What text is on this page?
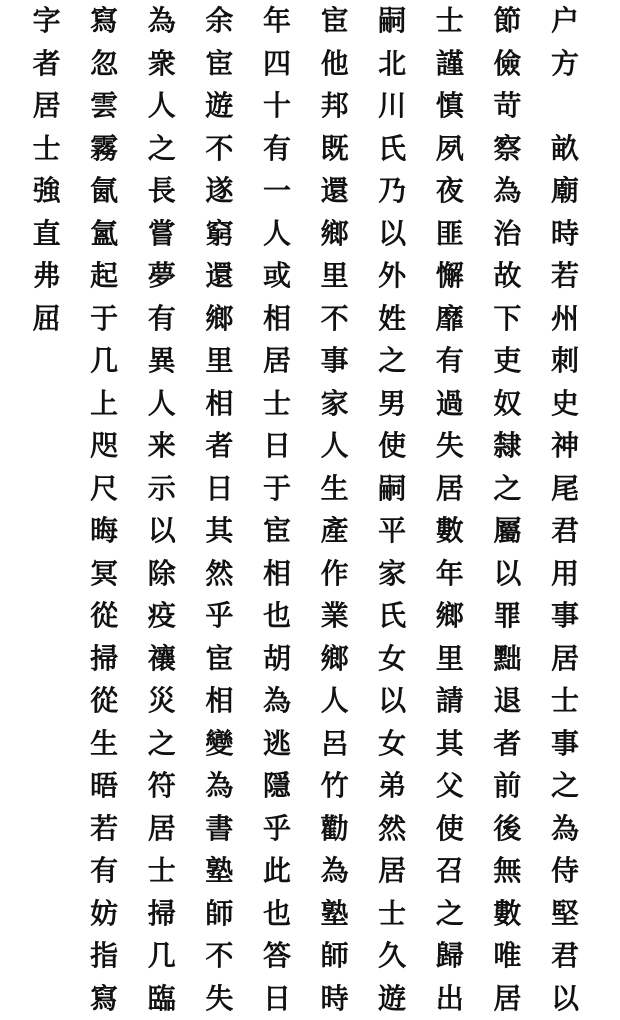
户
方
畝
廟
時
若
州
刺
史
神
尾
君
用
事
居
士
事
之
為
侍
堅
君
以
節
儉
苛
察
為
治
故
下
吏
奴
隸
之
屬
以
罪
黜
退
者
前
後
無
數
唯
居
士
謹
慎
夙
夜
匪
懈
靡
有
過
失
居
數
年
鄉
里
請
其
父
使
召
之
歸
出
嗣
北
川
氏
乃
以
外
姓
之
男
使
嗣
平
家
氏
女
以
女
弟
然
居
士
久
遊
宦
他
邦
既
還
鄉
里
不
事
家
人
生
產
作
業
鄉
人
呂
竹
勸
為
塾
師
時
年
四
十
有
一
人
或
相
居
士
日
于
宦
相
也
胡
為
逃
隱
乎
此
也
答
日
余
宦
遊
不
遂
窮
還
鄉
里
相
者
日
其
然
乎
宦
相
變
為
書
塾
師
不
失
為
衆
人
之
長
嘗
夢
有
異
人
来
示
以
除
疫
禳
災
之
符
居
士
掃
几
臨
寫
忽
雲
霧
氤
氳
起
于
几
上
咫
尺
晦
冥
從
掃
從
生
晤
若
有
妨
指
寫
字
者
居
士
強
直
弗
屈
